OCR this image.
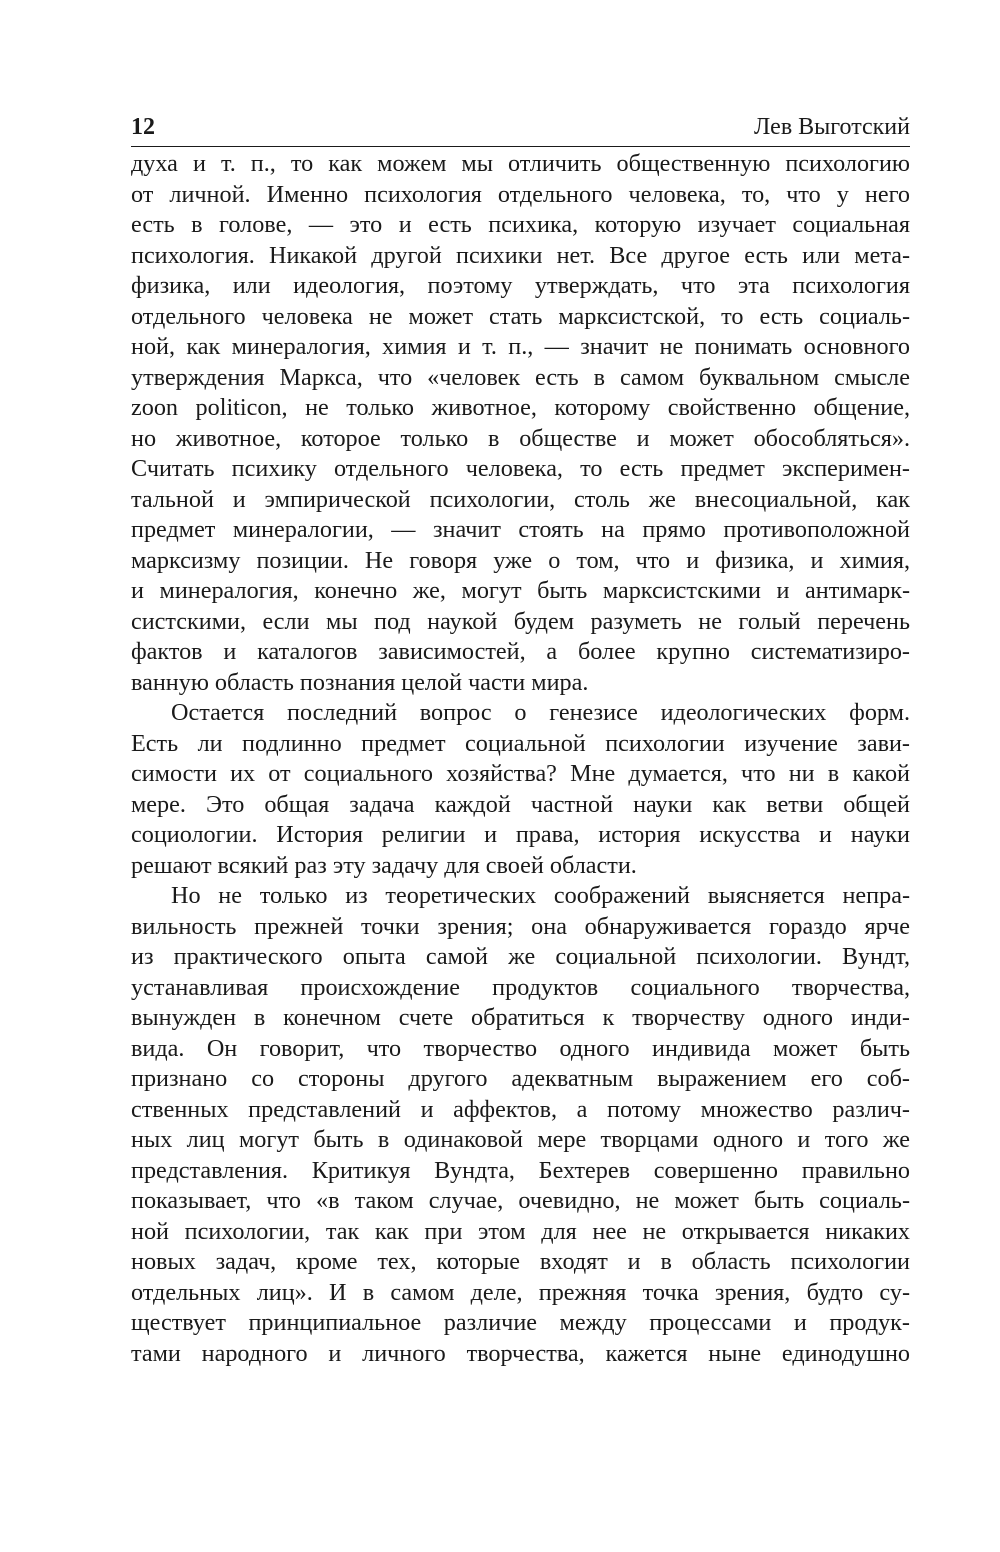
12	Лев Выготский
духа и т. п., то как можем мы отличить общественную психологию
от личной. Именно психология отдельного человека, то, что у него
есть в голове, — это и есть психика, которую изучает социальная
психология. Никакой другой психики нет. Все другое есть или мета-
физика, или идеология, поэтому утверждать, что эта психология
отдельного человека не может стать марксистской, то есть социаль-
ной, как минералогия, химия и т. п., — значит не понимать основного
утверждения Маркса, что «человек есть в самом буквальном смысле
zoon politicon, не только животное, которому свойственно общение,
но животное, которое только в обществе и может обособляться».
Считать психику отдельного человека, то есть предмет эксперимен-
тальной и эмпирической психологии, столь же внесоциальной, как
предмет минералогии, — значит стоять на прямо противоположной
марксизму позиции. Не говоря уже о том, что и физика, и химия,
и минералогия, конечно же, могут быть марксистскими и антимарк-
систскими, если мы под наукой будем разуметь не голый перечень
фактов и каталогов зависимостей, а более крупно систематизиро-
ванную область познания целой части мира.
Остается последний вопрос о генезисе идеологических форм.
Есть ли подлинно предмет социальной психологии изучение зави-
симости их от социального хозяйства? Мне думается, что ни в какой
мере. Это общая задача каждой частной науки как ветви общей
социологии. История религии и права, история искусства и науки
решают всякий раз эту задачу для своей области.
Но не только из теоретических соображений выясняется непра-
вильность прежней точки зрения; она обнаруживается гораздо ярче
из практического опыта самой же социальной психологии. Вундт,
устанавливая происхождение продуктов социального творчества,
вынужден в конечном счете обратиться к творчеству одного инди-
вида. Он говорит, что творчество одного индивида может быть
признано со стороны другого адекватным выражением его соб-
ственных представлений и аффектов, а потому множество различ-
ных лиц могут быть в одинаковой мере творцами одного и того же
представления. Критикуя Вундта, Бехтерев совершенно правильно
показывает, что «в таком случае, очевидно, не может быть социаль-
ной психологии, так как при этом для нее не открывается никаких
новых задач, кроме тех, которые входят и в область психологии
отдельных лиц». И в самом деле, прежняя точка зрения, будто су-
ществует принципиальное различие между процессами и продук-
тами народного и личного творчества, кажется ныне единодушно
